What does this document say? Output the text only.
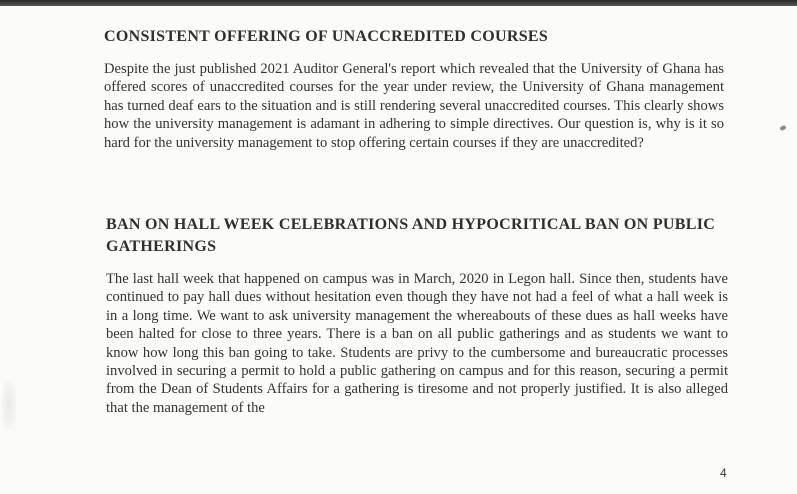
CONSISTENT OFFERING OF UNACCREDITED COURSES

Despite the just published 2021 Auditor General's report which revealed that the University of Ghana has offered scores of unaccredited courses for the year under review, the University of Ghana management has turned deaf ears to the situation and is still rendering several unaccredited courses. This clearly shows how the university management is adamant in adhering to simple directives. Our question is, why is it so hard for the university management to stop offering certain courses if they are unaccredited?

BAN ON HALL WEEK CELEBRATIONS AND HYPOCRITICAL BAN ON PUBLIC GATHERINGS

The last hall week that happened on campus was in March, 2020 in Legon hall. Since then, students have continued to pay hall dues without hesitation even though they have not had a feel of what a hall week is in a long time. We want to ask university management the whereabouts of these dues as hall weeks have been halted for close to three years. There is a ban on all public gatherings and as students we want to know how long this ban going to take. Students are privy to the cumbersome and bureaucratic processes involved in securing a permit to hold a public gathering on campus and for this reason, securing a permit from the Dean of Students Affairs for a gathering is tiresome and not properly justified. It is also alleged that the management of the

4
